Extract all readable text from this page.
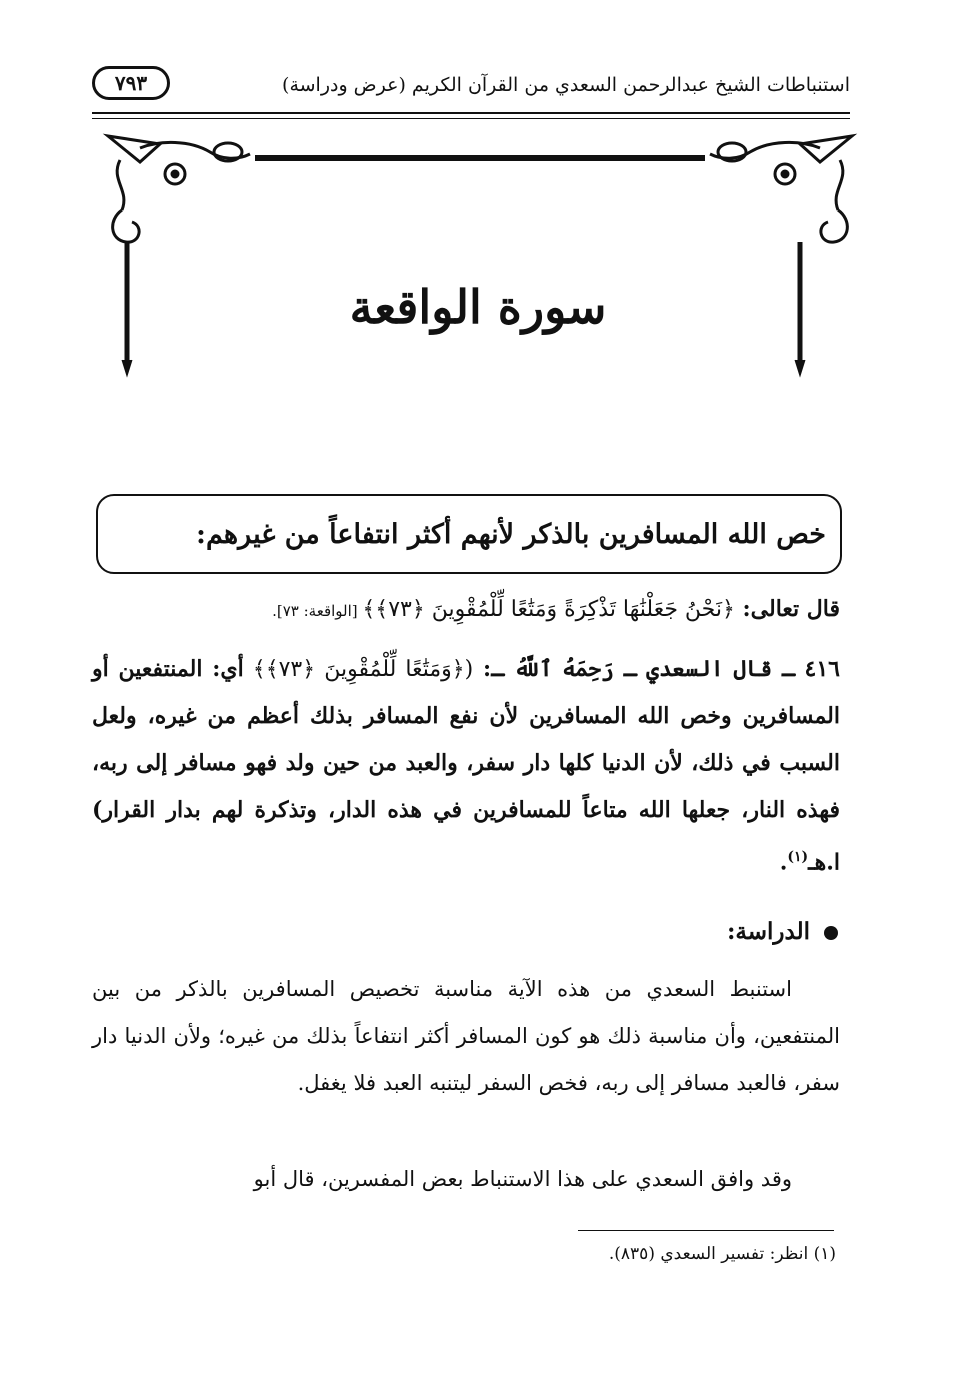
استنباطات الشيخ عبدالرحمن السعدي من القرآن الكريم (عرض ودراسة)
٧٩٣
سورة الواقعة
خص الله المسافرين بالذكر لأنهم أكثر انتفاعاً من غيرهم:
قال تعالى: ﴿نَحْنُ جَعَلْنَٰهَا تَذْكِرَةً وَمَتَٰعًا لِّلْمُقْوِينَ ﴿٧٣﴾﴾ [الواقعة: ٧٣].
٤١٦ ـ قال السعدي ـ رَحِمَهُ ٱللَّهُ ـ: (﴿وَمَتَٰعًا لِّلْمُقْوِينَ ﴿٧٣﴾﴾ أي: المنتفعين أو المسافرين وخص الله المسافرين لأن نفع المسافر بذلك أعظم من غيره، ولعل السبب في ذلك، لأن الدنيا كلها دار سفر، والعبد من حين ولد فهو مسافر إلى ربه، فهذه النار، جعلها الله متاعاً للمسافرين في هذه الدار، وتذكرة لهم بدار القرار) ا.هـ$^{(١)}$.
الدراسة:
استنبط السعدي من هذه الآية مناسبة تخصيص المسافرين بالذكر من بين المنتفعين، وأن مناسبة ذلك هو كون المسافر أكثر انتفاعاً بذلك من غيره؛ ولأن الدنيا دار سفر، فالعبد مسافر إلى ربه، فخص السفر ليتنبه العبد فلا يغفل.
وقد وافق السعدي على هذا الاستنباط بعض المفسرين، قال أبو
(١) انظر: تفسير السعدي (٨٣٥).
